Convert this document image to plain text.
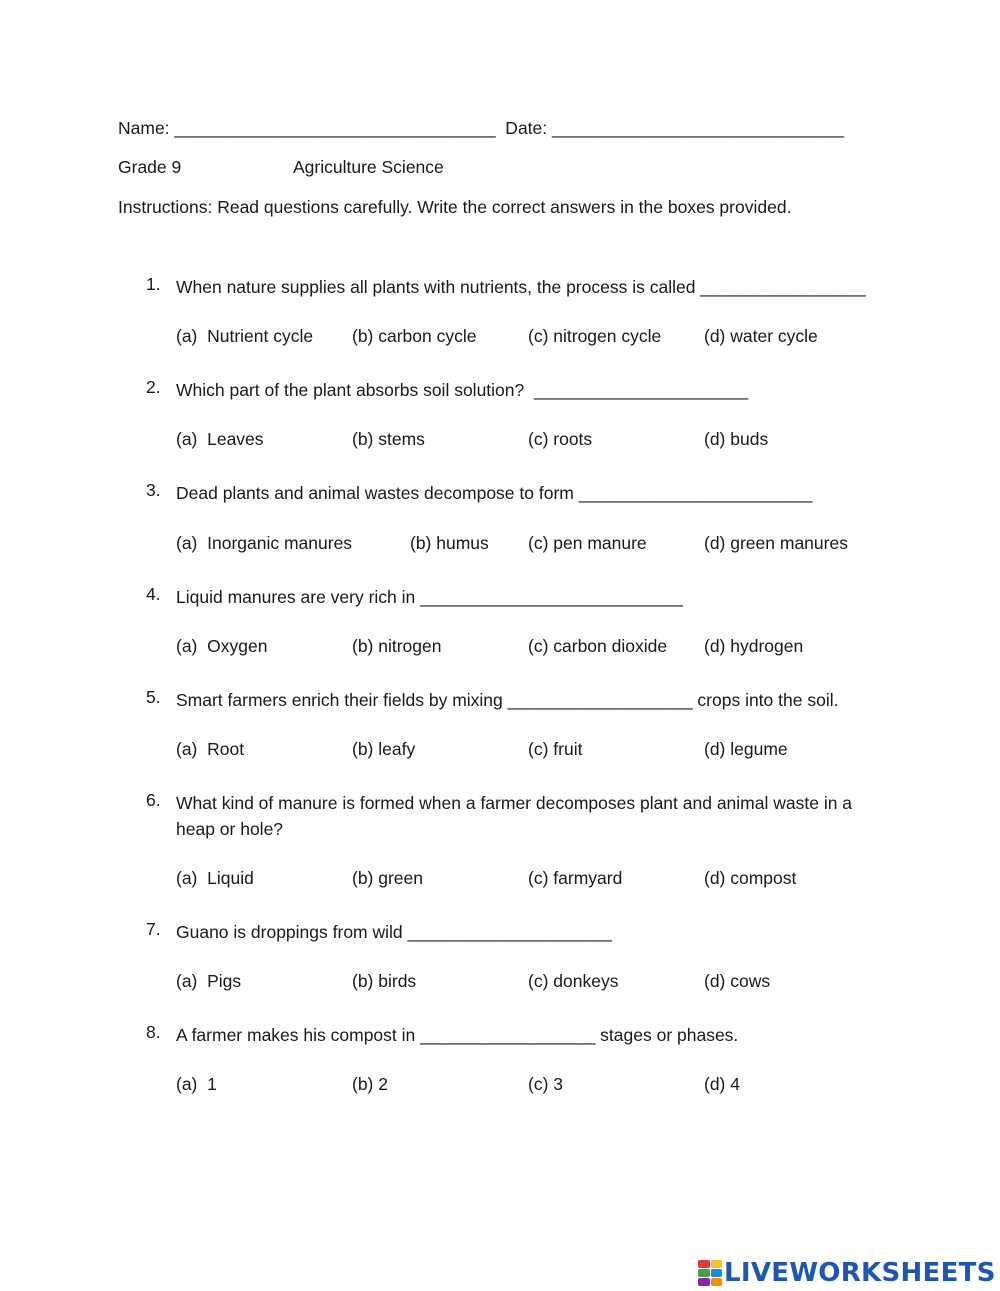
Name: _________________________________  Date: ______________________________
Grade 9	Agriculture Science
Instructions: Read questions carefully. Write the correct answers in the boxes provided.
1. When nature supplies all plants with nutrients, the process is called _________________
(a)  Nutrient cycle (b) carbon cycle	(c) nitrogen cycle (d) water cycle
2. Which part of the plant absorbs soil solution?  ______________________
(a)  Leaves	(b) stems	(c) roots	(d) buds
3. Dead plants and animal wastes decompose to form ________________________
(a)  Inorganic manures	(b) humus (c) pen manure	(d) green manures
4. Liquid manures are very rich in ___________________________
(a)  Oxygen	(b) nitrogen	(c) carbon dioxide (d) hydrogen
5. Smart farmers enrich their fields by mixing ___________________ crops into the soil.
(a)  Root	(b) leafy	(c) fruit	(d) legume
6. What kind of manure is formed when a farmer decomposes plant and animal waste in a heap or hole?
(a)  Liquid	(b) green	(c) farmyard	(d) compost
7. Guano is droppings from wild _____________________
(a)  Pigs	(b) birds	(c) donkeys	(d) cows
8. A farmer makes his compost in __________________ stages or phases.
(a)  1	(b) 2	(c) 3	(d) 4
LIVEWORKSHEETS
